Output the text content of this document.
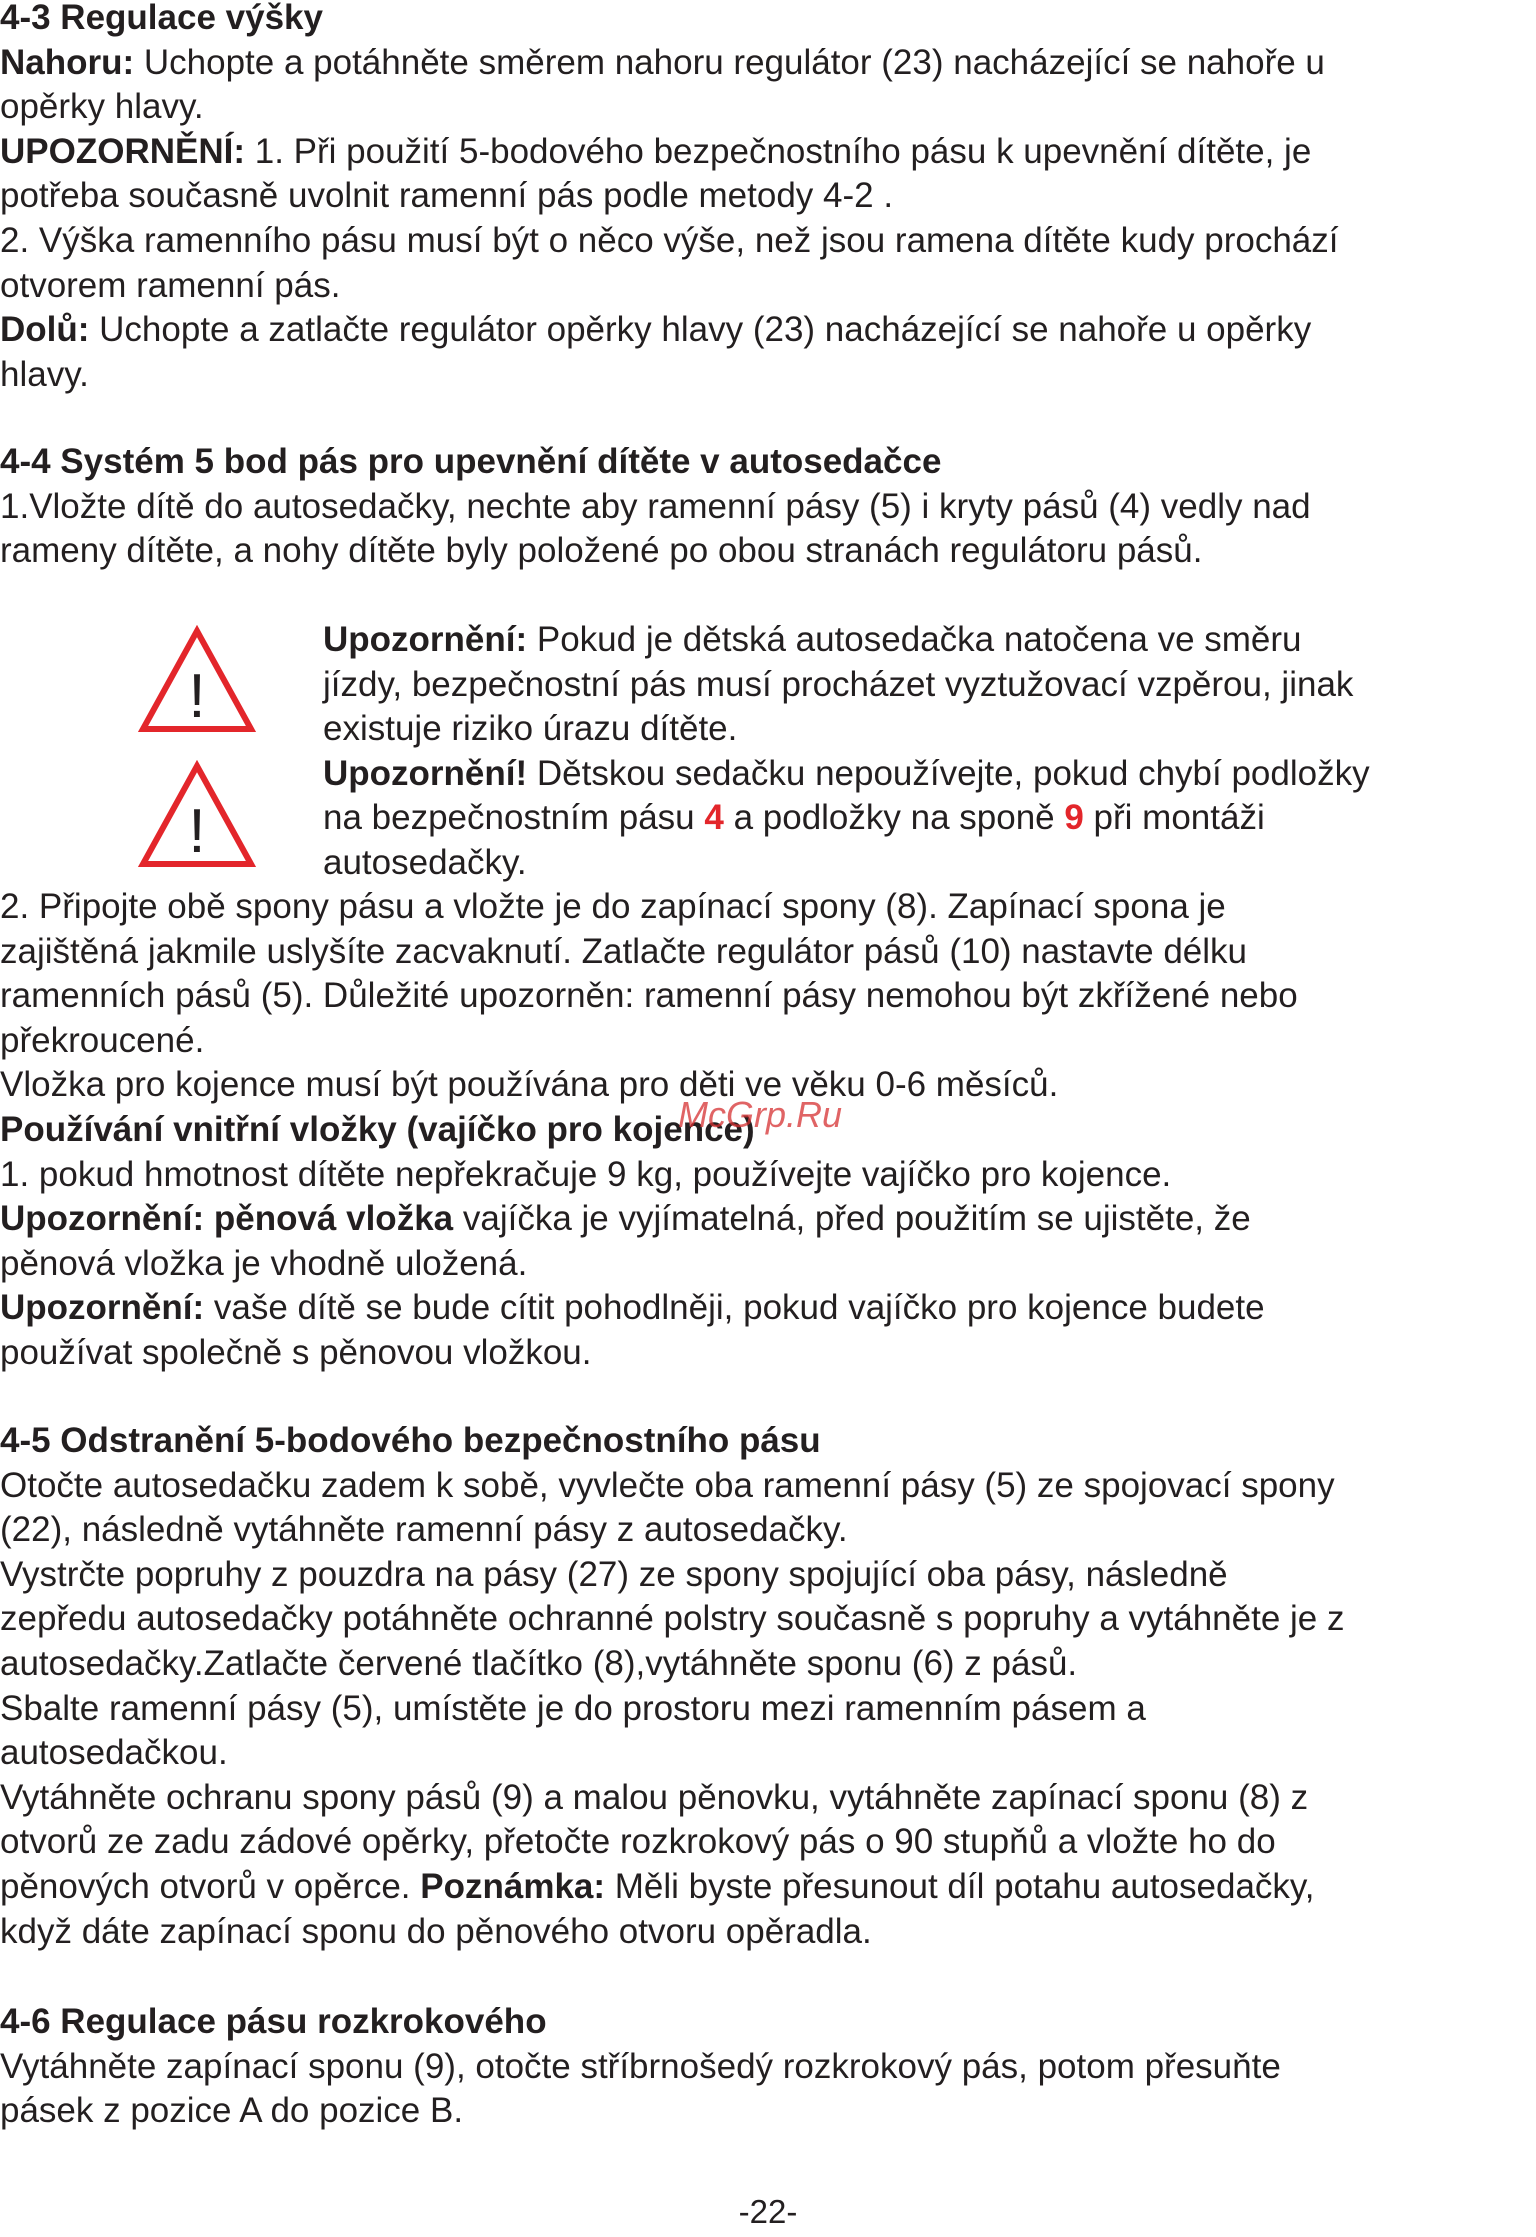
4-3 Regulace výšky
Nahoru: Uchopte a potáhněte směrem nahoru regulátor (23) nacházející se nahoře u
opěrky hlavy.
UPOZORNĚNÍ: 1. Při použití 5-bodového bezpečnostního pásu k upevnění dítěte, je
potřeba současně uvolnit ramenní pás podle metody 4-2 .
2. Výška ramenního pásu musí být o něco výše, než jsou ramena dítěte kudy prochází
otvorem ramenní pás.
Dolů: Uchopte a zatlačte regulátor opěrky hlavy (23) nacházející se nahoře u opěrky
hlavy.
4-4 Systém 5 bod pás pro upevnění dítěte v autosedačce
1.Vložte dítě do autosedačky, nechte aby ramenní pásy (5) i kryty pásů (4) vedly nad
rameny dítěte, a nohy dítěte byly položené po obou stranách regulátoru pásů.
!
!
Upozornění: Pokud je dětská autosedačka natočena ve směru
jízdy, bezpečnostní pás musí procházet vyztužovací vzpěrou, jinak
existuje riziko úrazu dítěte.
Upozornění! Dětskou sedačku nepoužívejte, pokud chybí podložky
na bezpečnostním pásu 4 a podložky na sponě 9 při montáži
autosedačky.
2. Připojte obě spony pásu a vložte je do zapínací spony (8). Zapínací spona je
zajištěná jakmile uslyšíte zacvaknutí. Zatlačte regulátor pásů (10) nastavte délku
ramenních pásů (5). Důležité upozorněn: ramenní pásy nemohou být zkřížené nebo
překroucené.
Vložka pro kojence musí být používána pro děti ve věku 0-6 měsíců.
Používání vnitřní vložky (vajíčko pro kojence)
1. pokud hmotnost dítěte nepřekračuje 9 kg, používejte vajíčko pro kojence.
Upozornění: pěnová vložka vajíčka je vyjímatelná, před použitím se ujistěte, že
pěnová vložka je vhodně uložená.
Upozornění: vaše dítě se bude cítit pohodlněji, pokud vajíčko pro kojence budete
používat společně s pěnovou vložkou.
4-5 Odstranění 5-bodového bezpečnostního pásu
Otočte autosedačku zadem k sobě, vyvlečte oba ramenní pásy (5) ze spojovací spony
(22), následně vytáhněte ramenní pásy z autosedačky.
Vystrčte popruhy z pouzdra na pásy (27) ze spony spojující oba pásy, následně
zepředu autosedačky potáhněte ochranné polstry současně s popruhy a vytáhněte je z
autosedačky.Zatlačte červené tlačítko (8),vytáhněte sponu (6) z pásů.
Sbalte ramenní pásy (5), umístěte je do prostoru mezi ramenním pásem a
autosedačkou.
Vytáhněte ochranu spony pásů (9) a malou pěnovku, vytáhněte zapínací sponu (8) z
otvorů ze zadu zádové opěrky, přetočte rozkrokový pás o 90 stupňů a vložte ho do
pěnových otvorů v opěrce. Poznámka: Měli byste přesunout díl potahu autosedačky,
když dáte zapínací sponu do pěnového otvoru opěradla.
4-6 Regulace pásu rozkrokového
Vytáhněte zapínací sponu (9), otočte stříbrnošedý rozkrokový pás, potom přesuňte
pásek z pozice A do pozice B.
McGrp.Ru
-22-
